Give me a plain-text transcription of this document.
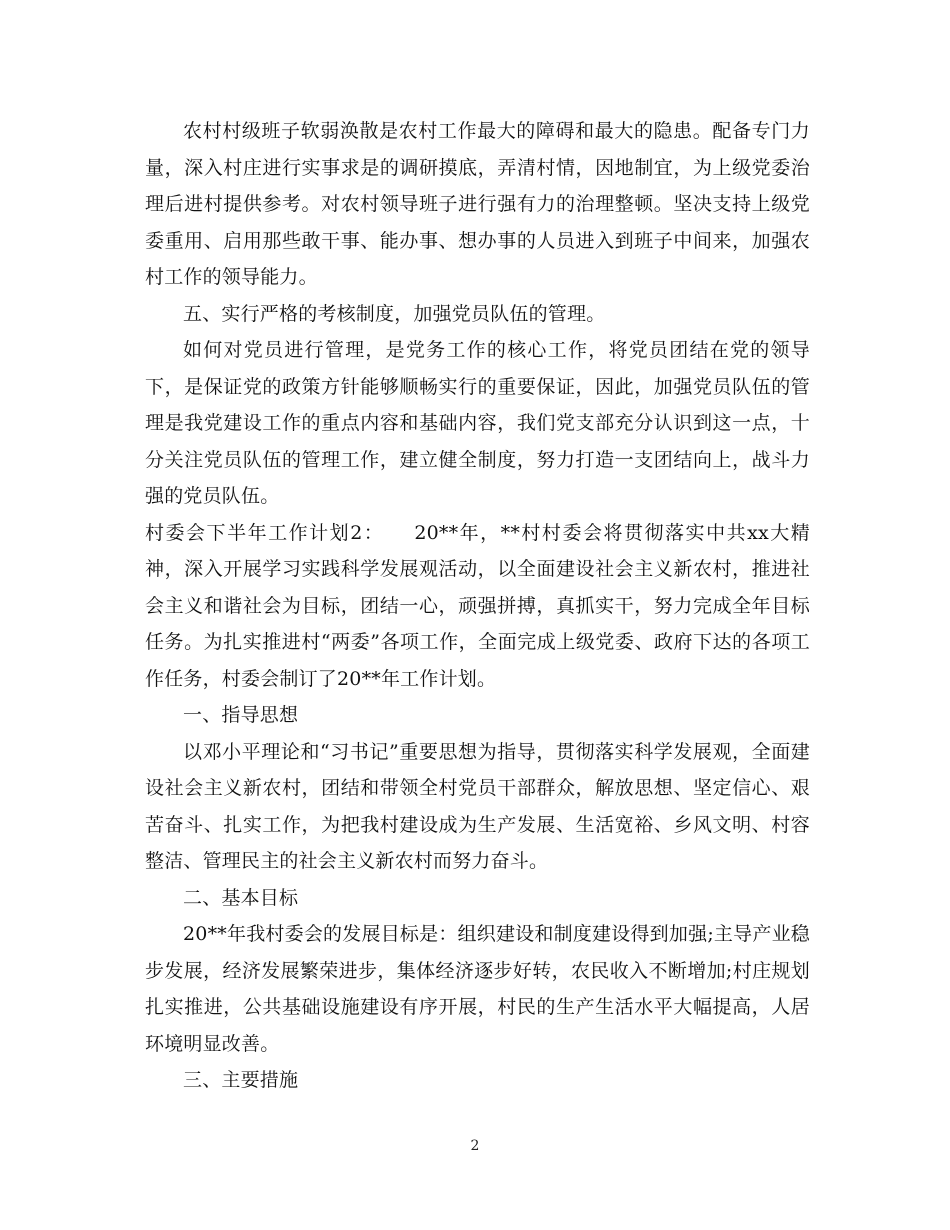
农村村级班子软弱涣散是农村工作最大的障碍和最大的隐患。配备专门力量，深入村庄进行实事求是的调研摸底，弄清村情，因地制宜，为上级党委治理后进村提供参考。对农村领导班子进行强有力的治理整顿。坚决支持上级党委重用、启用那些敢干事、能办事、想办事的人员进入到班子中间来，加强农村工作的领导能力。

五、实行严格的考核制度，加强党员队伍的管理。

如何对党员进行管理，是党务工作的核心工作，将党员团结在党的领导下，是保证党的政策方针能够顺畅实行的重要保证，因此，加强党员队伍的管理是我党建设工作的重点内容和基础内容，我们党支部充分认识到这一点，十分关注党员队伍的管理工作，建立健全制度，努力打造一支团结向上，战斗力强的党员队伍。

村委会下半年工作计划2： 20**年，**村村委会将贯彻落实中共xx大精神，深入开展学习实践科学发展观活动，以全面建设社会主义新农村，推进社会主义和谐社会为目标，团结一心，顽强拼搏，真抓实干，努力完成全年目标任务。为扎实推进村“两委”各项工作，全面完成上级党委、政府下达的各项工作任务，村委会制订了20**年工作计划。

一、指导思想

以邓小平理论和“习书记”重要思想为指导，贯彻落实科学发展观，全面建设社会主义新农村，团结和带领全村党员干部群众，解放思想、坚定信心、艰苦奋斗、扎实工作，为把我村建设成为生产发展、生活宽裕、乡风文明、村容整洁、管理民主的社会主义新农村而努力奋斗。

二、基本目标

20**年我村委会的发展目标是：组织建设和制度建设得到加强;主导产业稳步发展，经济发展繁荣进步，集体经济逐步好转，农民收入不断增加;村庄规划扎实推进，公共基础设施建设有序开展，村民的生产生活水平大幅提高，人居环境明显改善。

三、主要措施

2
